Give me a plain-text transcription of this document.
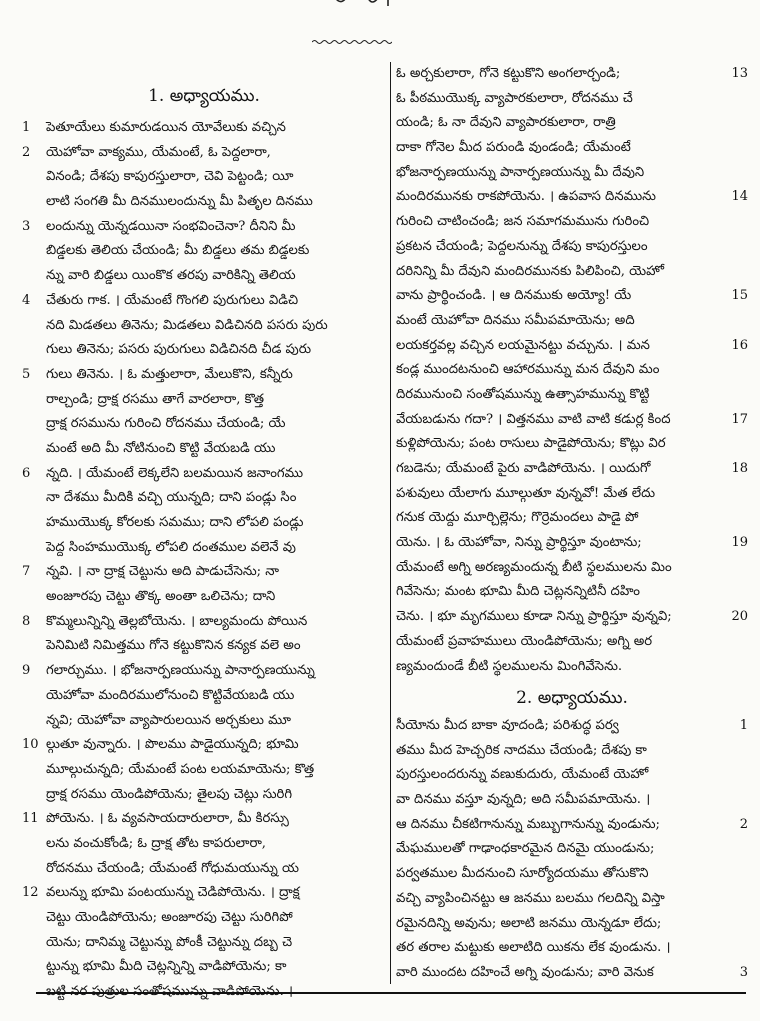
1. అధ్యాయము.
1 పెతూయేలు కుమారుడయిన యోవేలుకు వచ్చిన
2 యెహోవా వాక్యము, యేమంటే, ఓ పెద్దలారా,
వినండి; దేశపు కాపురస్తులారా, చెవి పెట్టండి; యీ
లాటి సంగతి మీ దినములందున్ను మీ పితృల దినము
3 లందున్ను యెన్నడయినా సంభవించెనా? దీనిని మీ
బిడ్డలకు తెలియ చేయండి; మీ బిడ్డలు తమ బిడ్డలకు
న్ను వారి బిడ్డలు యింకొక తరపు వారికిన్ని తెలియ
4 చేతురు గాక. । యేమంటే గొంగలి పురుగులు విడిచి
నది మిడతలు తినెను; మిడతలు విడిచినది పసరు పురు
గులు తినెను; పసరు పురుగులు విడిచినది చీడ పురు
5 గులు తినెను. । ఓ మత్తులారా, మేలుకొని, కన్నీరు
రాల్చండి; ద్రాక్ష రసము తాగే వారలారా, కొత్త
ద్రాక్ష రసమును గురించి రోదనము చేయండి; యే
మంటే అది మీ నోటినుంచి కొట్టి వేయబడి యు
6 న్నది. । యేమంటే లెక్కలేని బలమయిన జనాంగము
నా దేశము మీదికి వచ్చి యున్నది; దాని పండ్లు సిం
హముయొక్క కోరలకు సమము; దాని లోపలి పండ్లు
పెద్ద సింహముయొక్క లోపలి దంతముల వలెనే వు
7 న్నవి. । నా ద్రాక్ష చెట్టును అది పాడుచేసెను; నా
అంజూరపు చెట్టు తొక్క అంతా ఒలిచెను; దాని
8 కొమ్మలున్నిన్ని తెల్లబోయెను. । బాల్యమందు పోయిన
పెనిమిటి నిమిత్తము గోనె కట్టుకొనిన కన్యక వలె అం
9 గలార్చుము. । భోజనార్పణయున్ను పానార్పణయున్ను
యెహోవా మందిరములోనుంచి కొట్టివేయబడి యు
న్నవి; యెహోవా వ్యాపారులయిన అర్చకులు మూ
10 ల్గుతూ వున్నారు. । పొలము పాడైయున్నది; భూమి
మూల్గుచున్నది; యేమంటే పంట లయమాయెను; కొత్త
ద్రాక్ష రసము యెండిపోయెను; తైలపు చెట్లు సురిగి
11 పోయెను. । ఓ వ్యవసాయదారులారా, మీ కిరస్సు
లను వంచుకోండి; ఓ ద్రాక్ష తోట కాపరులారా,
రోదనము చేయండి; యేమంటే గోధుమయున్ను య
12 వలున్ను భూమి పంటయున్ను చెడిపోయెను. । ద్రాక్ష
చెట్టు యెండిపోయెను; అంజూరపు చెట్టు సురిగిపో
యెను; దానిమ్మ చెట్టున్ను పోంకీ చెట్టున్ను దబ్బ చె
ట్టున్ను భూమి మీది చెట్లన్నిన్ని వాడిపోయెను; కా
బట్టి నర పుత్రుల సంతోషమున్ను వాడిపోయెను. ।
13
ఓ అర్చకులారా, గోనె కట్టుకొని అంగలార్చండి;
ఓ పీఠముయొక్క వ్యాపారకులారా, రోదనము చే
యండి; ఓ నా దేవుని వ్యాపారకులారా, రాత్రి
దాకా గోనెల మీద పరుండి వుండండి; యేమంటే
భోజనార్పణయున్ను పానార్పణయున్ను మీ దేవుని
14
మందిరమునకు రాకపోయెను. । ఉపవాస దినమును
గురించి చాటించండి; జన సమాగమమును గురించి
ప్రకటన చేయండి; పెద్దలనున్ను దేశపు కాపురస్తులం
దరినిన్ని మీ దేవుని మందిరమునకు పిలిపించి, యెహో
15
వాను ప్రార్థించండి. । ఆ దినముకు అయ్యో! యే
మంటే యెహోవా దినము సమీపమాయెను; అది
16
లయకర్తవల్ల వచ్చిన లయమైనట్టు వచ్చును. । మన
కండ్ల ముందటనుంచి ఆహారమున్ను మన దేవుని మం
దిరమునుంచి సంతోషమున్ను ఉత్సాహమున్ను కొట్టి
17
వేయబడును గదా? । విత్తనము వాటి వాటి కడుర్ల కింద
కుళ్లిపోయెను; పంట రాసులు పాడైపోయెను; కొట్లు విర
18
గబడెను; యేమంటే పైరు వాడిపోయెను. । యిదుగో
పశువులు యేలాగు మూల్గుతూ వున్నవో! మేత లేదు
గనుక యెద్దు మూర్చిల్లెను; గొర్రెమందలు పాడై పో
19
యెను. । ఓ యెహోవా, నిన్ను ప్రార్థిస్తూ వుంటాను;
యేమంటే అగ్ని అరణ్యమందున్న బీటి స్థలములను మిం
గివేసెను; మంట భూమి మీది చెట్లనన్నిటినీ దహిం
20
చెను. । భూ మృగములు కూడా నిన్ను ప్రార్థిస్తూ వున్నవి;
యేమంటే ప్రవాహములు యెండిపోయెను; అగ్ని అర
ణ్యమందుండే బీటి స్థలములను మింగివేసెను.
2. అధ్యాయము.
1
సీయోను మీద బాకా వూదండి; పరిశుద్ధ పర్వ
తము మీద హెచ్చరిక నాదము చేయండి; దేశపు కా
పురస్తులందరున్ను వణుకుదురు, యేమంటే యెహో
వా దినము వస్తూ వున్నది; అది సమీపమాయెను. ।
2
ఆ దినము చీకటిగానున్ను మబ్బుగానున్ను వుండును;
మేఘములతో గాఢాంధకారమైన దినమై యుండును;
పర్వతముల మీదనుంచి సూర్యోదయము తోసుకొని
వచ్చి వ్యాపించినట్టు ఆ జనము బలము గలదిన్ని విస్తా
రమైనదిన్ని అవును; అలాటి జనము యెన్నడూ లేదు;
తర తరాల మట్టుకు అలాటిది యికను లేక వుండును. ।
3
వారి ముందట దహించే అగ్ని వుండును; వారి వెనుక
